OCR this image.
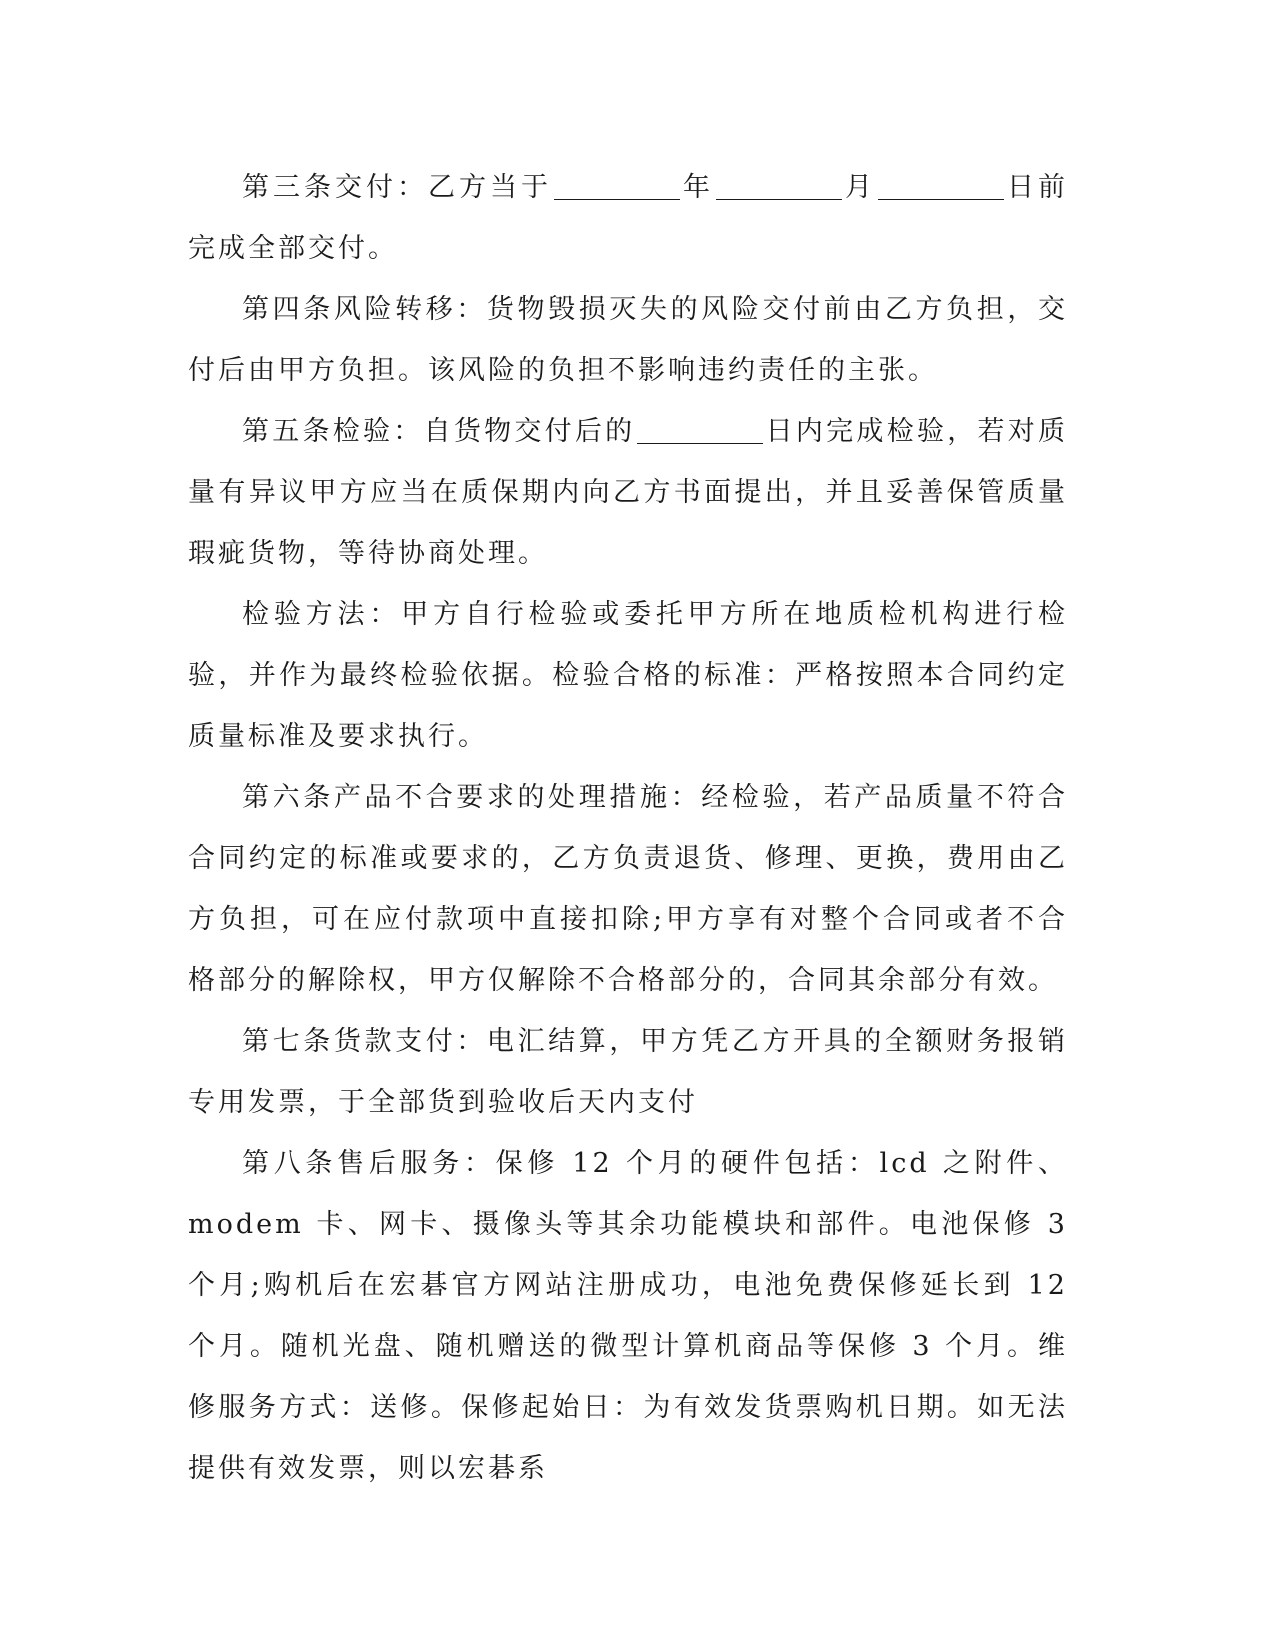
第三条交付：乙方当于	年	月	日前完成全部交付。

第四条风险转移：货物毁损灭失的风险交付前由乙方负担，交付后由甲方负担。该风险的负担不影响违约责任的主张。

第五条检验：自货物交付后的	日内完成检验，若对质量有异议甲方应当在质保期内向乙方书面提出，并且妥善保管质量瑕疵货物，等待协商处理。

检验方法：甲方自行检验或委托甲方所在地质检机构进行检验，并作为最终检验依据。检验合格的标准：严格按照本合同约定质量标准及要求执行。

第六条产品不合要求的处理措施：经检验，若产品质量不符合合同约定的标准或要求的，乙方负责退货、修理、更换，费用由乙方负担，可在应付款项中直接扣除;甲方享有对整个合同或者不合格部分的解除权，甲方仅解除不合格部分的，合同其余部分有效。

第七条货款支付：电汇结算，甲方凭乙方开具的全额财务报销专用发票，于全部货到验收后天内支付

第八条售后服务：保修 12 个月的硬件包括：lcd 之附件、modem 卡、网卡、摄像头等其余功能模块和部件。电池保修 3 个月;购机后在宏碁官方网站注册成功，电池免费保修延长到 12 个月。随机光盘、随机赠送的微型计算机商品等保修 3 个月。维修服务方式：送修。保修起始日：为有效发货票购机日期。如无法提供有效发票，则以宏碁系
